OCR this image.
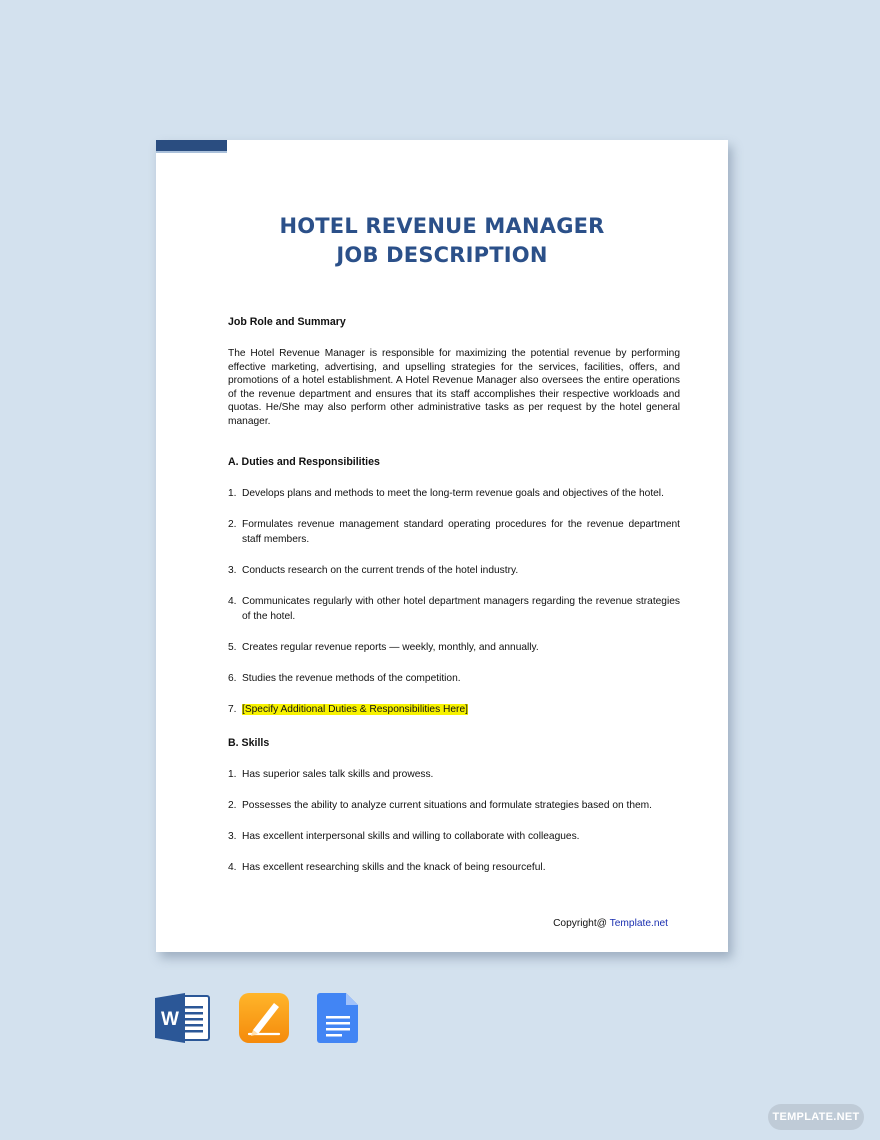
HOTEL REVENUE MANAGER
JOB DESCRIPTION

Job Role and Summary

The Hotel Revenue Manager is responsible for maximizing the potential revenue by performing effective marketing, advertising, and upselling strategies for the services, facilities, offers, and promotions of a hotel establishment. A Hotel Revenue Manager also oversees the entire operations of the revenue department and ensures that its staff accomplishes their respective workloads and quotas. He/She may also perform other administrative tasks as per request by the hotel general manager.

A. Duties and Responsibilities

1. Develops plans and methods to meet the long-term revenue goals and objectives of the hotel.
2. Formulates revenue management standard operating procedures for the revenue department staff members.
3. Conducts research on the current trends of the hotel industry.
4. Communicates regularly with other hotel department managers regarding the revenue strategies of the hotel.
5. Creates regular revenue reports — weekly, monthly, and annually.
6. Studies the revenue methods of the competition.
7. [Specify Additional Duties & Responsibilities Here]

B. Skills

1. Has superior sales talk skills and prowess.
2. Possesses the ability to analyze current situations and formulate strategies based on them.
3. Has excellent interpersonal skills and willing to collaborate with colleagues.
4. Has excellent researching skills and the knack of being resourceful.
Copyright@ Template.net
W
TEMPLATE.NET
